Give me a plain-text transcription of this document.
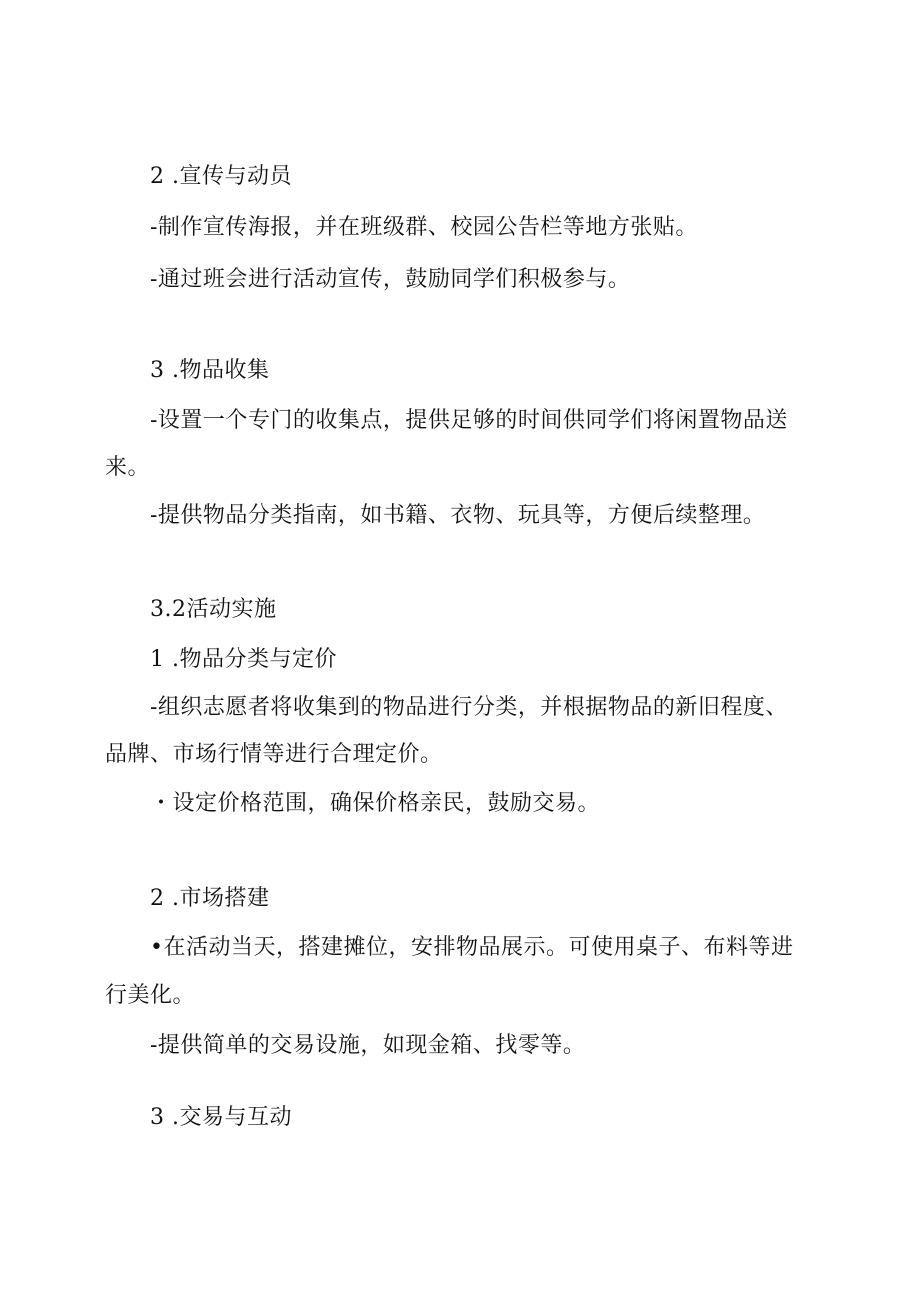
2 .宣传与动员
-制作宣传海报，并在班级群、校园公告栏等地方张贴。
-通过班会进行活动宣传，鼓励同学们积极参与。
3 .物品收集
-设置一个专门的收集点，提供足够的时间供同学们将闲置物品送
来。
-提供物品分类指南，如书籍、衣物、玩具等，方便后续整理。
3.2活动实施
1 .物品分类与定价
-组织志愿者将收集到的物品进行分类，并根据物品的新旧程度、
品牌、市场行情等进行合理定价。
・设定价格范围，确保价格亲民，鼓励交易。
2 .市场搭建
•在活动当天，搭建摊位，安排物品展示。可使用桌子、布料等进
行美化。
-提供简单的交易设施，如现金箱、找零等。
3 .交易与互动
